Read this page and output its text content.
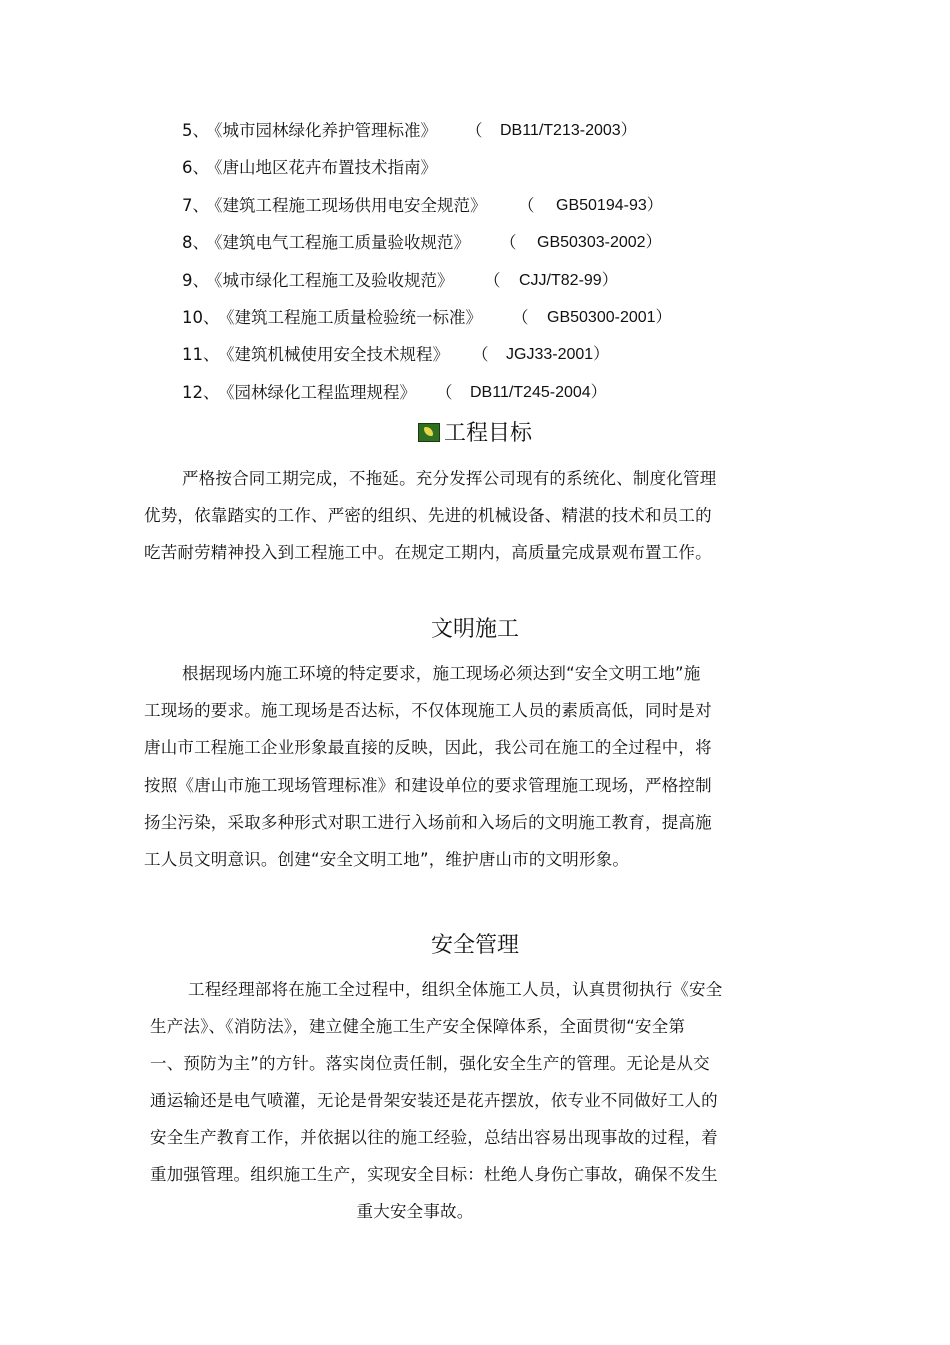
5、
《城市园林绿化养护管理标准》 （ DB11/T213-2003）
6、
《唐山地区花卉布置技术指南》
7、
《建筑工程施工现场供用电安全规范》 （ GB50194-93）
8、
《建筑电气工程施工质量验收规范》 （ GB50303-2002）
9、
《城市绿化工程施工及验收规范》 （ CJJ/T82-99）
10、
《建筑工程施工质量检验统一标准》 （ GB50300-2001）
11、
《建筑机械使用安全技术规程》 （ JGJ33-2001）
12、
《园林绿化工程监理规程》 （ DB11/T245-2004）
工程目标
严格按合同工期完成，不拖延。充分发挥公司现有的系统化、制度化管理
优势，依靠踏实的工作、严密的组织、先进的机械设备、精湛的技术和员工的
吃苦耐劳精神投入到工程施工中。在规定工期内，高质量完成景观布置工作。
文明施工
根据现场内施工环境的特定要求，施工现场必须达到“安全文明工地”施
工现场的要求。施工现场是否达标，不仅体现施工人员的素质高低，同时是对
唐山市工程施工企业形象最直接的反映，因此，我公司在施工的全过程中，将
按照《唐山市施工现场管理标准》和建设单位的要求管理施工现场，严格控制
扬尘污染，采取多种形式对职工进行入场前和入场后的文明施工教育，提高施
工人员文明意识。创建“安全文明工地”，维护唐山市的文明形象。
安全管理
工程经理部将在施工全过程中，组织全体施工人员，认真贯彻执行《安全
生产法》、《消防法》，建立健全施工生产安全保障体系，全面贯彻“安全第
一、预防为主”的方针。落实岗位责任制，强化安全生产的管理。无论是从交
通运输还是电气喷灌，无论是骨架安装还是花卉摆放，依专业不同做好工人的
安全生产教育工作，并依据以往的施工经验，总结出容易出现事故的过程，着
重加强管理。组织施工生产，实现安全目标：杜绝人身伤亡事故，确保不发生
重大安全事故。
